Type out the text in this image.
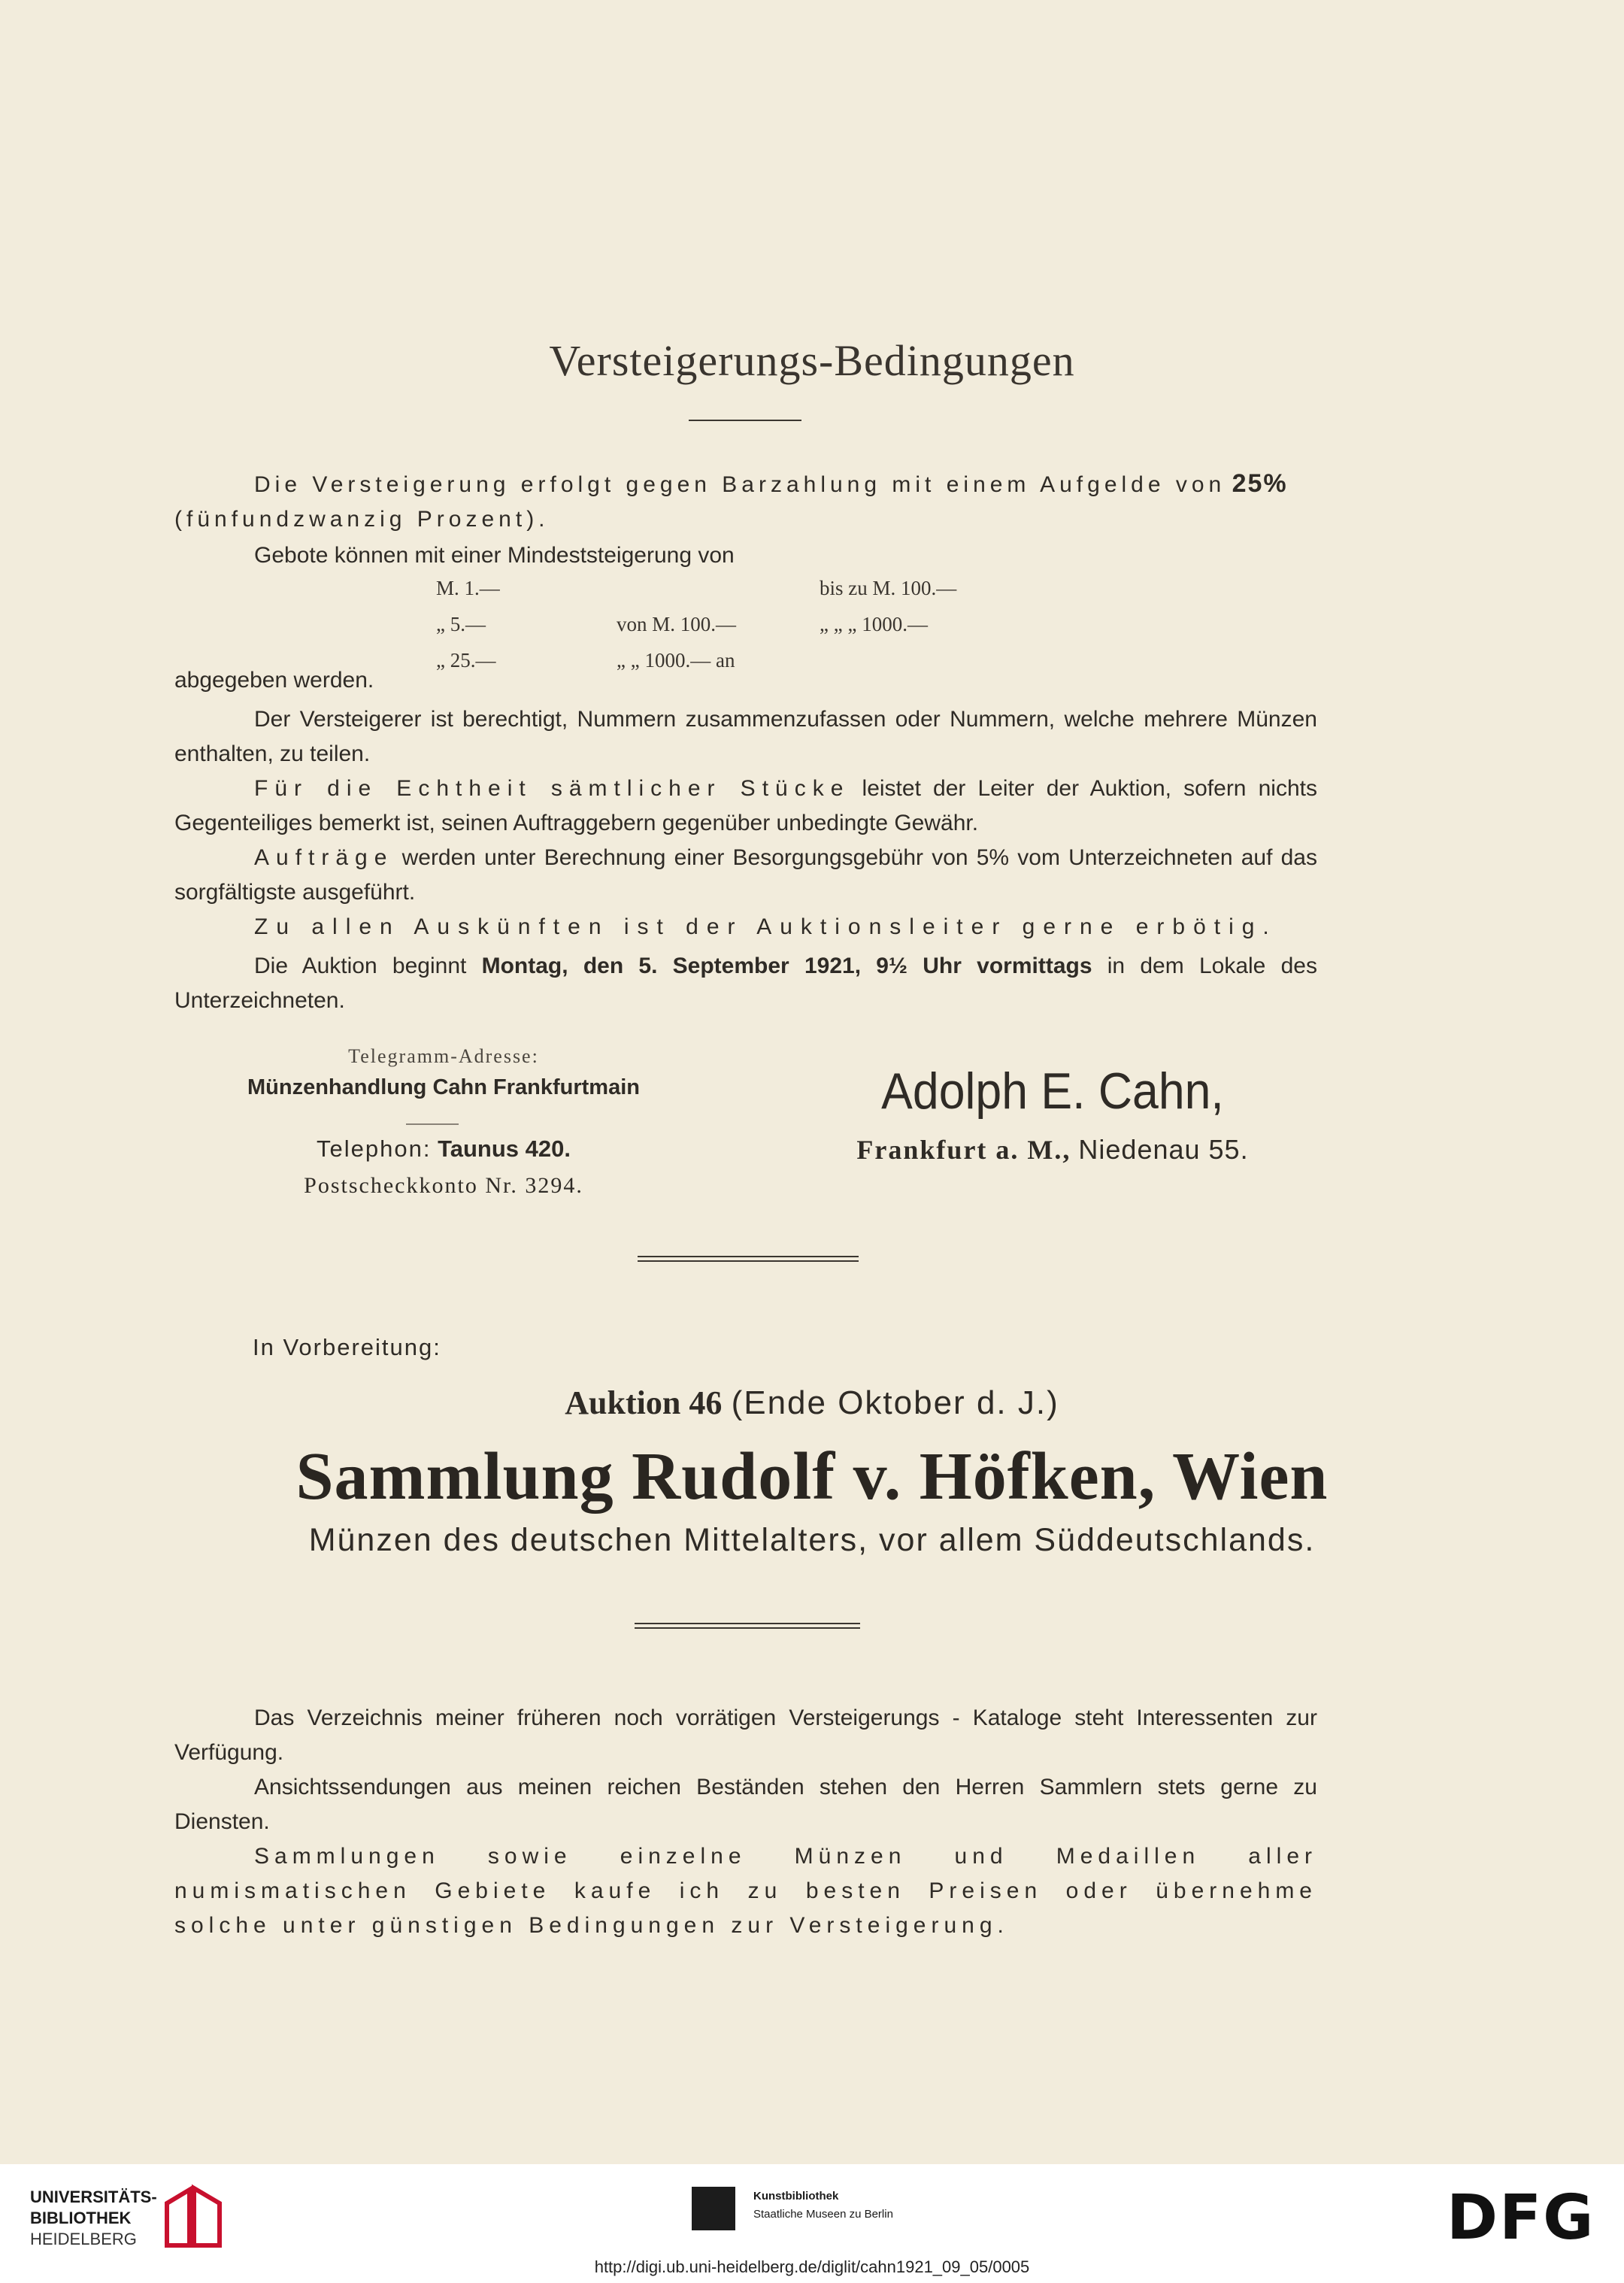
Versteigerungs-Bedingungen
Die Versteigerung erfolgt gegen Barzahlung mit einem Aufgelde von 25%
(fünfundzwanzig Prozent).
Gebote können mit einer Mindeststeigerung von
M. 1.—		bis zu M. 100.—
„ 5.—	von M. 100.—	„ „ „ 1000.—
„ 25.—	„ „ 1000.— an	
abgegeben werden.
Der Versteigerer ist berechtigt, Nummern zusammenzufassen oder Nummern, welche mehrere Münzen enthalten, zu teilen.
Für die Echtheit sämtlicher Stücke leistet der Leiter der Auktion, sofern nichts Gegenteiliges bemerkt ist, seinen Auftraggebern gegenüber unbedingte Gewähr.
Aufträge werden unter Berechnung einer Besorgungsgebühr von 5% vom Unterzeichneten auf das sorgfältigste ausgeführt.
Zu allen Auskünften ist der Auktionsleiter gerne erbötig.
Die Auktion beginnt Montag, den 5. September 1921, 9½ Uhr vormittags in dem Lokale des Unterzeichneten.
Telegramm-Adresse:
Münzenhandlung Cahn Frankfurtmain
Telephon: Taunus 420.
Postscheckkonto Nr. 3294.
Adolph E. Cahn,
Frankfurt a. M., Niedenau 55.
In Vorbereitung:
Auktion 46 (Ende Oktober d. J.)
Sammlung Rudolf v. Höfken, Wien
Münzen des deutschen Mittelalters, vor allem Süddeutschlands.
Das Verzeichnis meiner früheren noch vorrätigen Versteigerungs - Kataloge steht Interessenten zur Verfügung.
Ansichtssendungen aus meinen reichen Beständen stehen den Herren Sammlern stets gerne zu Diensten.
Sammlungen sowie einzelne Münzen und Medaillen aller numismatischen Gebiete kaufe ich zu besten Preisen oder übernehme solche unter günstigen Bedingungen zur Versteigerung.
UNIVERSITÄTS-
BIBLIOTHEK
HEIDELBERG
Kunstbibliothek
Staatliche Museen zu Berlin	DFG
http://digi.ub.uni-heidelberg.de/diglit/cahn1921_09_05/0005
